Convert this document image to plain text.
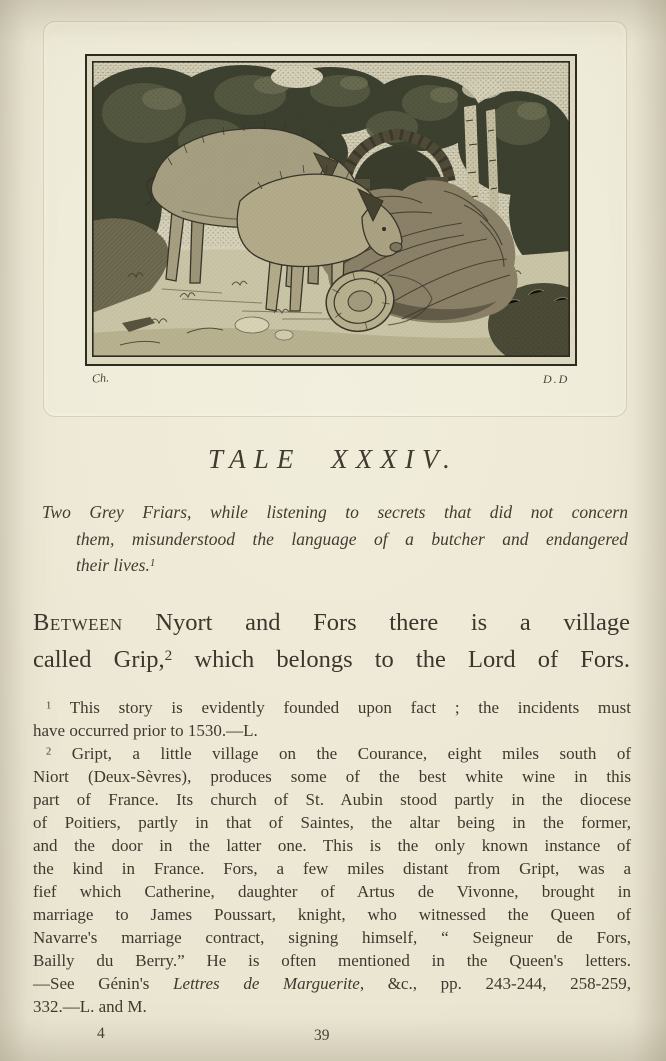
Ch.	D.D
TALE XXXIV.
Two Grey Friars, while listening to secrets that did not concern
them, misunderstood the language of a butcher and endangered
their lives.$^1$
Between Nyort and Fors there is a village
called Grip,$^2$ which belongs to the Lord of Fors.
$^1$ This story is evidently founded upon fact ; the incidents must
have occurred prior to 1530.—L.
$^2$ Gript, a little village on the Courance, eight miles south of
Niort (Deux-Sèvres), produces some of the best white wine in this
part of France. Its church of St. Aubin stood partly in the diocese
of Poitiers, partly in that of Saintes, the altar being in the former,
and the door in the latter one. This is the only known instance of
the kind in France. Fors, a few miles distant from Gript, was a
fief which Catherine, daughter of Artus de Vivonne, brought in
marriage to James Poussart, knight, who witnessed the Queen of
Navarre's marriage contract, signing himself, “ Seigneur de Fors,
Bailly du Berry.” He is often mentioned in the Queen's letters.
—See Génin's Lettres de Marguerite, &c., pp. 243-244, 258-259,
332.—L. and M.
4	39
